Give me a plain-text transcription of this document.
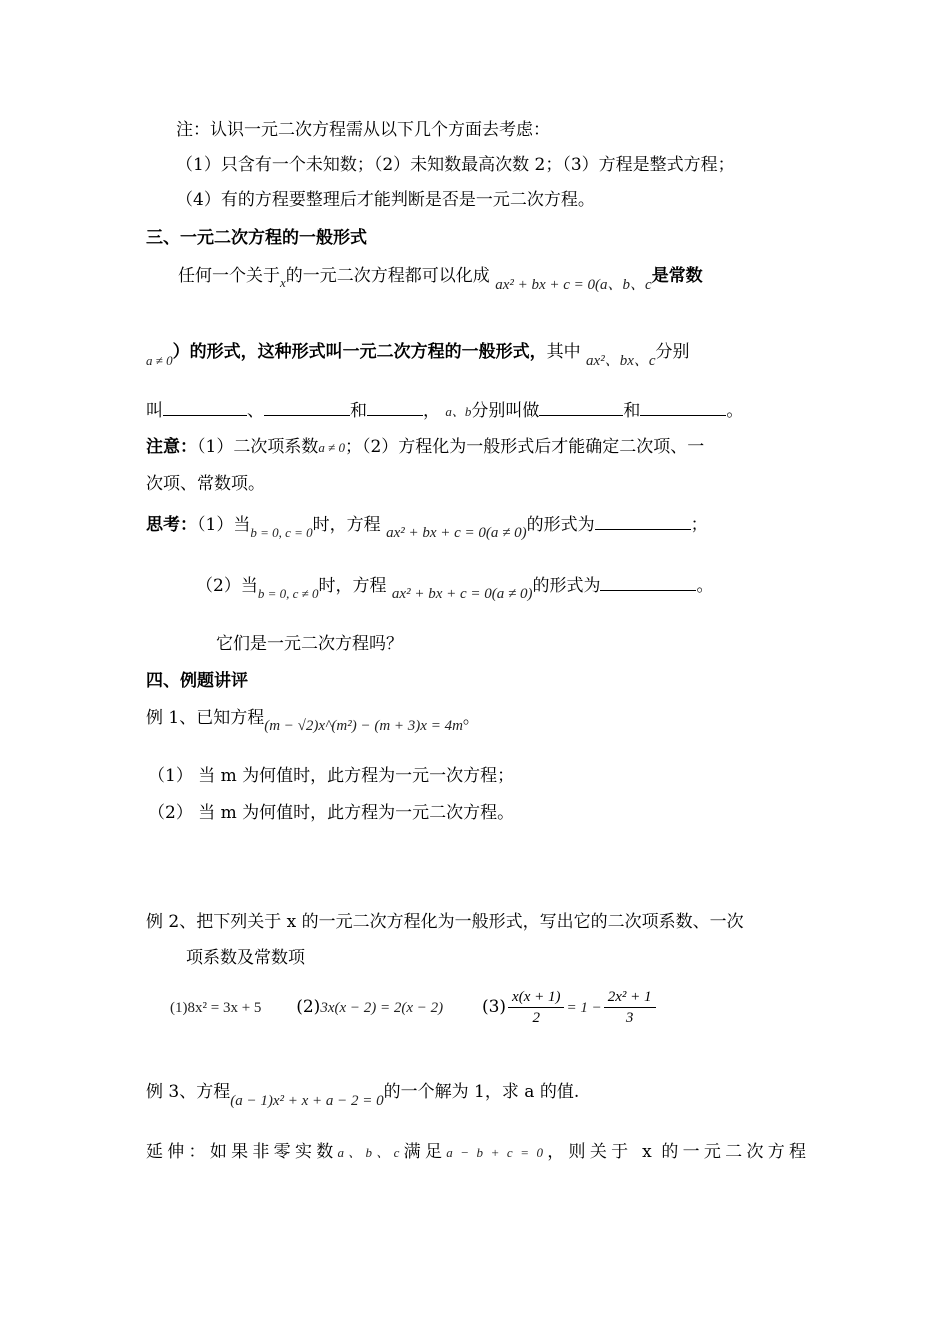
注：认识一元二次方程需从以下几个方面去考虑：
（1）只含有一个未知数；（2）未知数最高次数 2；（3）方程是整式方程；
（4）有的方程要整理后才能判断是否是一元二次方程。
三、一元二次方程的一般形式
任何一个关于$_x$的一元二次方程都可以化成 ax² + bx + c = 0(a、b、c是常数
$_{a \ne 0}$）的形式，这种形式叫一元二次方程的一般形式，其中 ax²、bx、c分别
叫	、	和	， a、b分别叫做	和	。
注意：（1）二次项系数a ≠ 0；（2）方程化为一般形式后才能确定二次项、一
次项、常数项。
思考：（1）当$_{b = 0, c = 0}$时，方程 ax² + bx + c = 0(a ≠ 0)的形式为	；
（2）当$_{b = 0, c \ne 0}$时，方程 ax² + bx + c = 0(a ≠ 0)的形式为	。
它们是一元二次方程吗？
四、例题讲评
例 1、已知方程(m − √2)x^(m²) − (m + 3)x = 4m。
（1） 当 m 为何值时，此方程为一元一次方程；
（2） 当 m 为何值时，此方程为一元二次方程。
例 2、把下列关于 x 的一元二次方程化为一般形式，写出它的二次项系数、一次
项系数及常数项
(1)8x² = 3x + 5 (2)3x(x − 2) = 2(x − 2) $(3) \frac{x(x + 1)}{2} = 1 - \frac{\text{2x² + 1}}{3}$
例 3、方程(a − 1)x² + x + a − 2 = 0的一个解为 1，求 a 的值.
延伸：如果非零实数a、b、c满足a − b + c = 0，则关于 x 的一元二次方程
